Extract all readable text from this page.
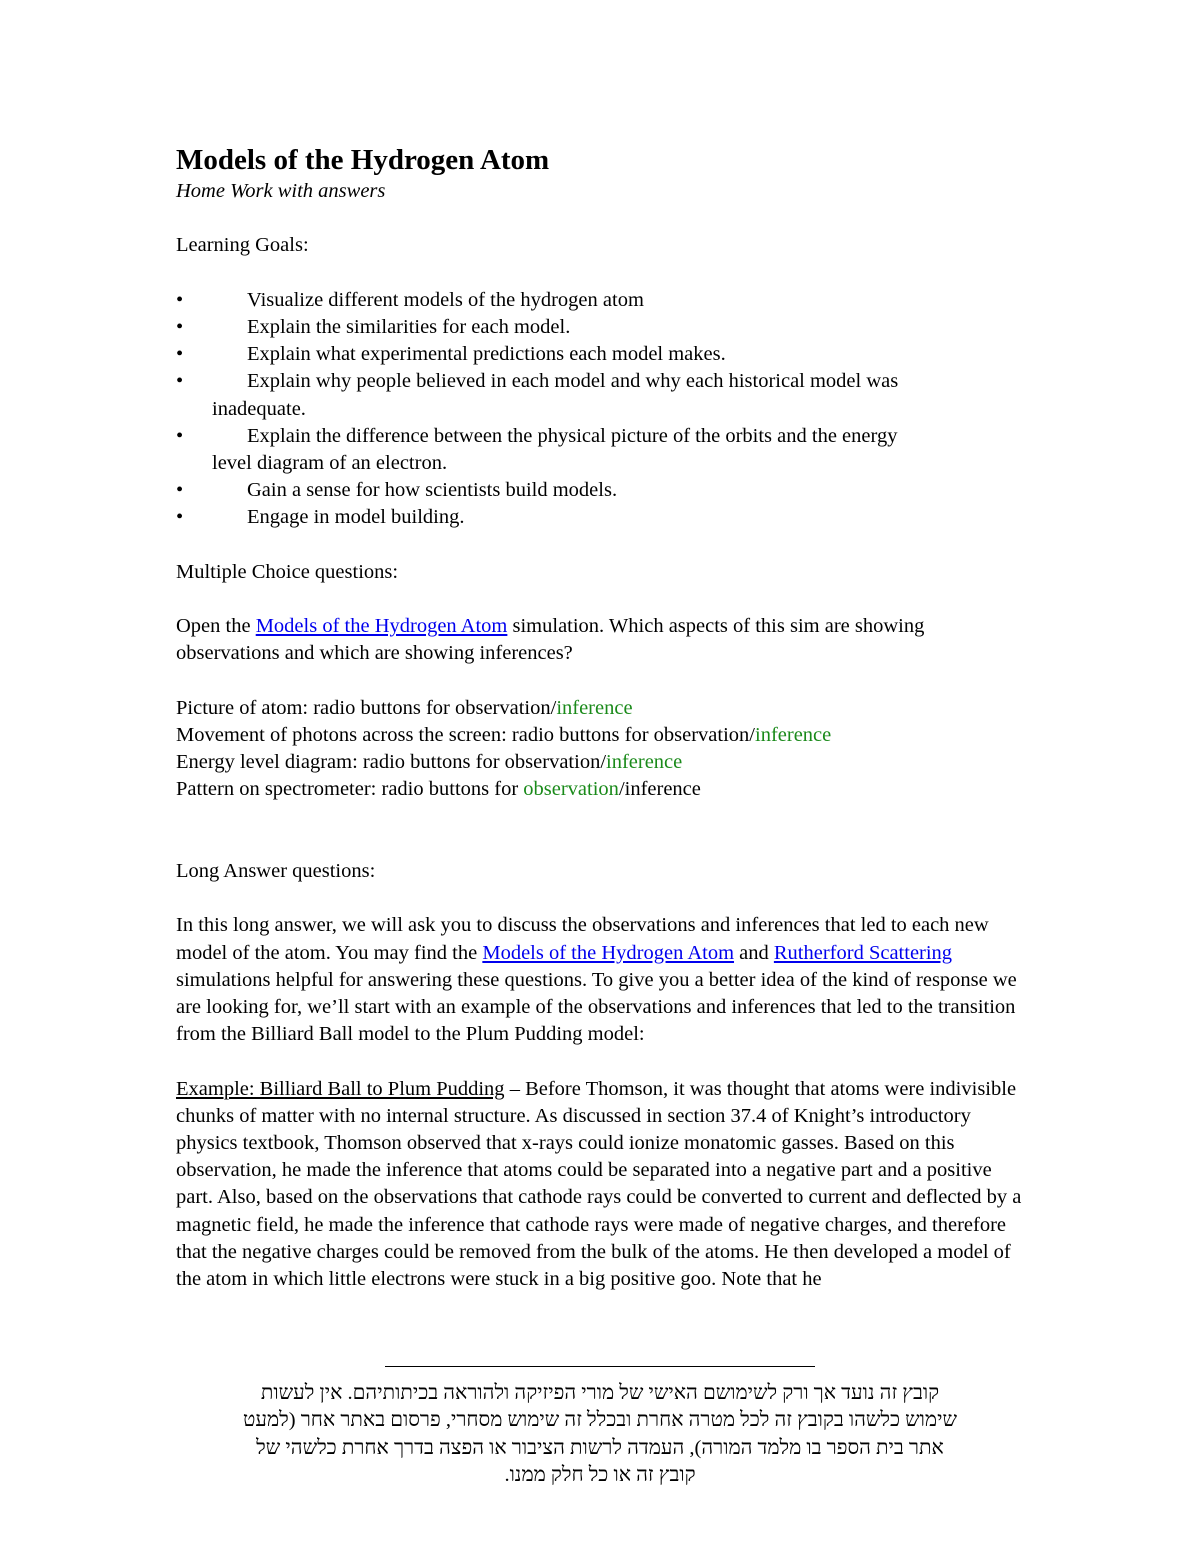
Models of the Hydrogen Atom

Home Work with answers

Learning Goals:

•	Visualize different models of the hydrogen atom
•	Explain the similarities for each model.
•	Explain what experimental predictions each model makes.
•	Explain why people believed in each model and why each historical model was
inadequate.
•	Explain the difference between the physical picture of the orbits and the energy
level diagram of an electron.
•	Gain a sense for how scientists build models.
•	Engage in model building.

Multiple Choice questions:

Open the Models of the Hydrogen Atom simulation. Which aspects of this sim are showing observations and which are showing inferences?

Picture of atom: radio buttons for observation/inference

Movement of photons across the screen: radio buttons for observation/inference

Energy level diagram: radio buttons for observation/inference

Pattern on spectrometer: radio buttons for observation/inference

Long Answer questions:

In this long answer, we will ask you to discuss the observations and inferences that led to each new model of the atom. You may find the Models of the Hydrogen Atom and Rutherford Scattering simulations helpful for answering these questions. To give you a better idea of the kind of response we are looking for, we’ll start with an example of the observations and inferences that led to the transition from the Billiard Ball model to the Plum Pudding model:

Example: Billiard Ball to Plum Pudding – Before Thomson, it was thought that atoms were indivisible chunks of matter with no internal structure. As discussed in section 37.4 of Knight’s introductory physics textbook, Thomson observed that x-rays could ionize monatomic gasses. Based on this observation, he made the inference that atoms could be separated into a negative part and a positive part. Also, based on the observations that cathode rays could be converted to current and deflected by a magnetic field, he made the inference that cathode rays were made of negative charges, and therefore that the negative charges could be removed from the bulk of the atoms. He then developed a model of the atom in which little electrons were stuck in a big positive goo. Note that he

קובץ זה נועד אך ורק לשימושם האישי של מורי הפיזיקה ולהוראה בכיתותיהם. אין לעשות
שימוש כלשהו בקובץ זה לכל מטרה אחרת ובכלל זה שימוש מסחרי, פרסום באתר אחר (למעט
אתר בית הספר בו מלמד המורה), העמדה לרשות הציבור או הפצה בדרך אחרת כלשהי של
קובץ זה או כל חלק ממנו.
